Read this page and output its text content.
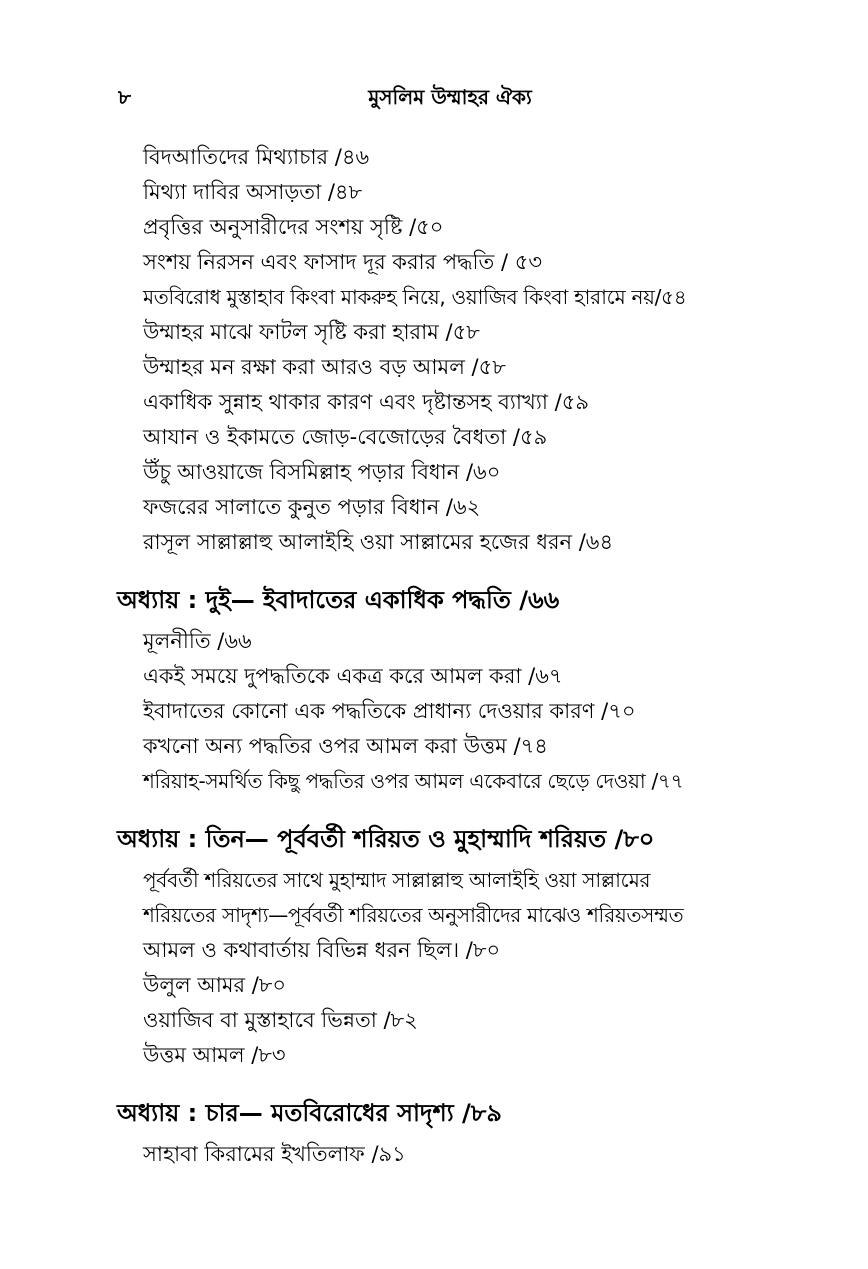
৮	মুসলিম উম্মাহর ঐক্য
বিদআতিদের মিথ্যাচার /৪৬
মিথ্যা দাবির অসাড়তা /৪৮
প্রবৃত্তির অনুসারীদের সংশয় সৃষ্টি /৫০
সংশয় নিরসন এবং ফাসাদ দূর করার পদ্ধতি / ৫৩
মতবিরোধ মুস্তাহাব কিংবা মাকরুহ নিয়ে, ওয়াজিব কিংবা হারামে নয়/৫৪
উম্মাহর মাঝে ফাটল সৃষ্টি করা হারাম /৫৮
উম্মাহর মন রক্ষা করা আরও বড় আমল /৫৮
একাধিক সুন্নাহ থাকার কারণ এবং দৃষ্টান্তসহ ব্যাখ্যা /৫৯
আযান ও ইকামতে জোড়-বেজোড়ের বৈধতা /৫৯
উঁচু আওয়াজে বিসমিল্লাহ পড়ার বিধান /৬০
ফজরের সালাতে কুনুত পড়ার বিধান /৬২
রাসূল সাল্লাল্লাহু আলাইহি ওয়া সাল্লামের হজের ধরন /৬৪
অধ্যায় : দুই— ইবাদাতের একাধিক পদ্ধতি /৬৬
মূলনীতি /৬৬
একই সময়ে দুপদ্ধতিকে একত্র করে আমল করা /৬৭
ইবাদাতের কোনো এক পদ্ধতিকে প্রাধান্য দেওয়ার কারণ /৭০
কখনো অন্য পদ্ধতির ওপর আমল করা উত্তম /৭৪
শরিয়াহ-সমর্থিত কিছু পদ্ধতির ওপর আমল একেবারে ছেড়ে দেওয়া /৭৭
অধ্যায় : তিন— পূর্ববর্তী শরিয়ত ও মুহাম্মাদি শরিয়ত /৮০
পূর্ববর্তী শরিয়তের সাথে মুহাম্মাদ সাল্লাল্লাহু আলাইহি ওয়া সাল্লামের
শরিয়তের সাদৃশ্য—পূর্ববর্তী শরিয়তের অনুসারীদের মাঝেও শরিয়তসম্মত
আমল ও কথাবার্তায় বিভিন্ন ধরন ছিল। /৮০
উলুল আমর /৮০
ওয়াজিব বা মুস্তাহাবে ভিন্নতা /৮২
উত্তম আমল /৮৩
অধ্যায় : চার— মতবিরোধের সাদৃশ্য /৮৯
সাহাবা কিরামের ইখতিলাফ /৯১
